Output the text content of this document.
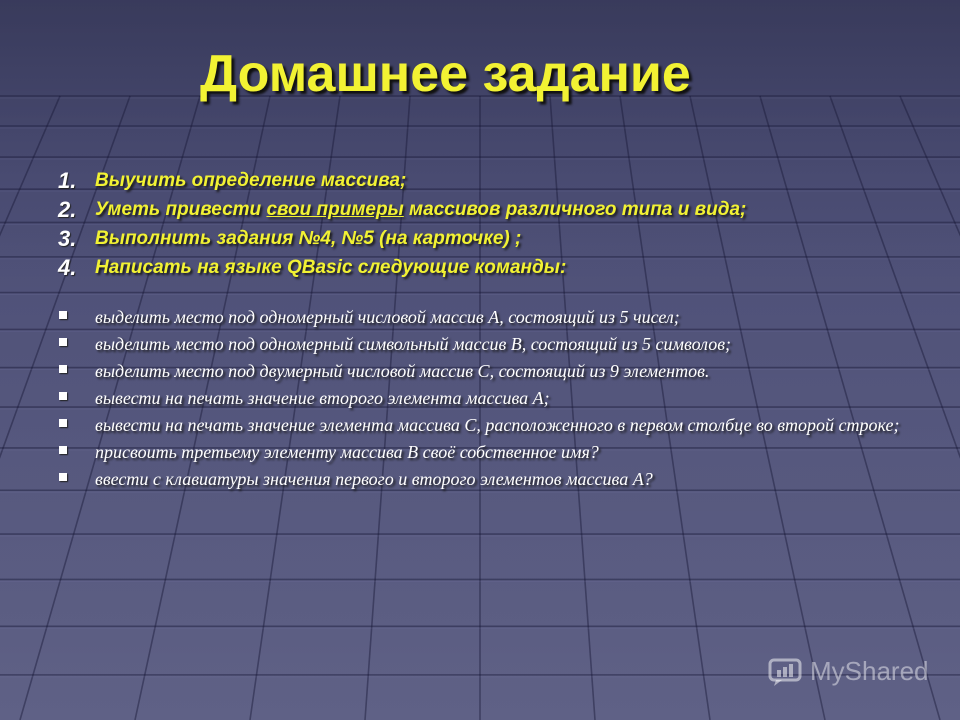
Домашнее задание
1. Выучить определение массива;
2. Уметь привести свои примеры массивов различного типа и вида;
3. Выполнить задания №4, №5 (на карточке) ;
4. Написать на языке QBasic следующие команды:
выделить место под одномерный числовой массив А, состоящий из 5 чисел;
выделить место под одномерный символьный массив В, состоящий из 5 символов;
выделить место под двумерный числовой массив С, состоящий из 9 элементов.
вывести на печать значение второго элемента массива А;
вывести на печать значение элемента массива С, расположенного в первом столбце во второй строке;
присвоить третьему элементу массива В своё собственное имя?
ввести с клавиатуры значения первого и второго элементов массива А?
MyShared
